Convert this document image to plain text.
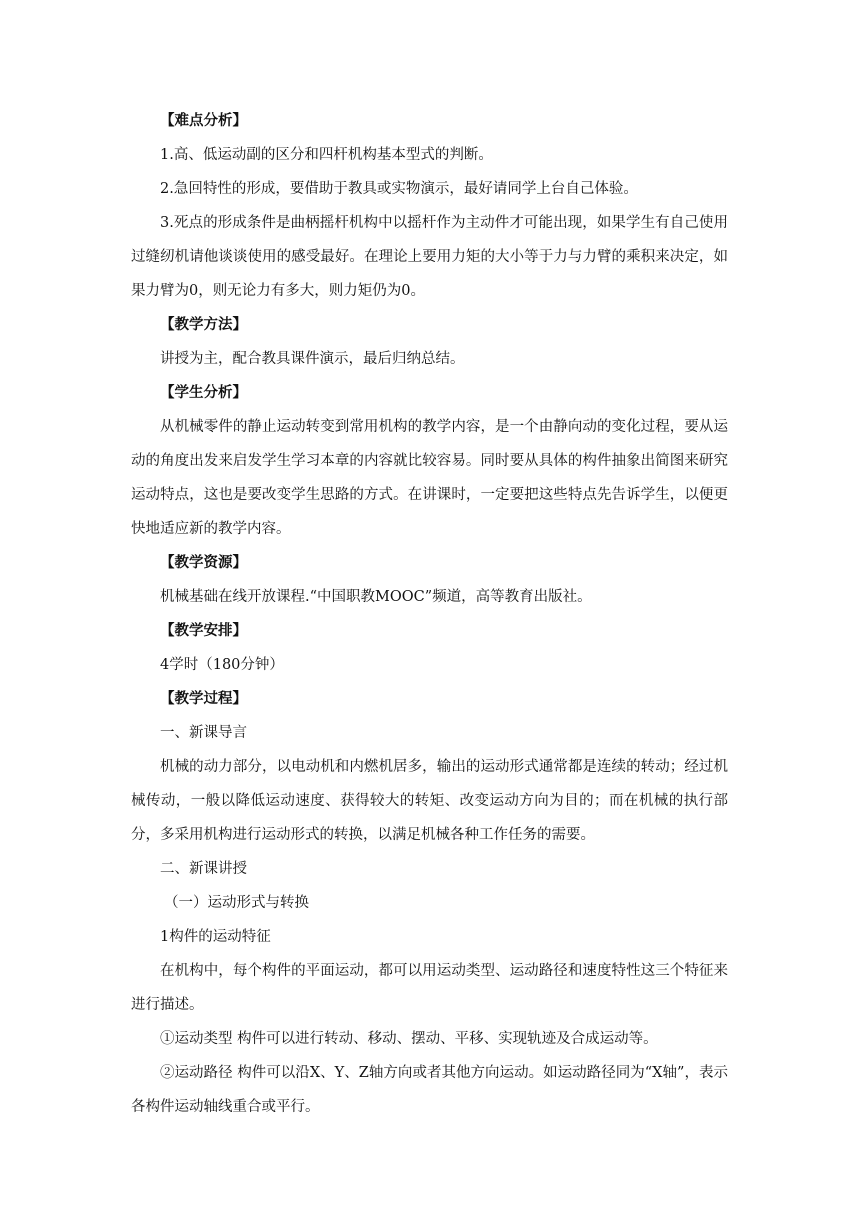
【难点分析】
1.高、低运动副的区分和四杆机构基本型式的判断。
2.急回特性的形成，要借助于教具或实物演示，最好请同学上台自己体验。
3.死点的形成条件是曲柄摇杆机构中以摇杆作为主动件才可能出现，如果学生有自己使用过缝纫机请他谈谈使用的感受最好。在理论上要用力矩的大小等于力与力臂的乘积来决定，如果力臂为0，则无论力有多大，则力矩仍为0。
【教学方法】
讲授为主，配合教具课件演示，最后归纳总结。
【学生分析】
从机械零件的静止运动转变到常用机构的教学内容，是一个由静向动的变化过程，要从运动的角度出发来启发学生学习本章的内容就比较容易。同时要从具体的构件抽象出简图来研究运动特点，这也是要改变学生思路的方式。在讲课时，一定要把这些特点先告诉学生，以便更快地适应新的教学内容。
【教学资源】
机械基础在线开放课程.“中国职教MOOC”频道，高等教育出版社。
【教学安排】
4学时（180分钟）
【教学过程】
一、新课导言
机械的动力部分，以电动机和内燃机居多，输出的运动形式通常都是连续的转动；经过机械传动，一般以降低运动速度、获得较大的转矩、改变运动方向为目的；而在机械的执行部分，多采用机构进行运动形式的转换，以满足机械各种工作任务的需要。
二、新课讲授
（一）运动形式与转换
1构件的运动特征
在机构中，每个构件的平面运动，都可以用运动类型、运动路径和速度特性这三个特征来进行描述。
①运动类型 构件可以进行转动、移动、摆动、平移、实现轨迹及合成运动等。
②运动路径 构件可以沿X、Y、Z轴方向或者其他方向运动。如运动路径同为“X轴”，表示各构件运动轴线重合或平行。
